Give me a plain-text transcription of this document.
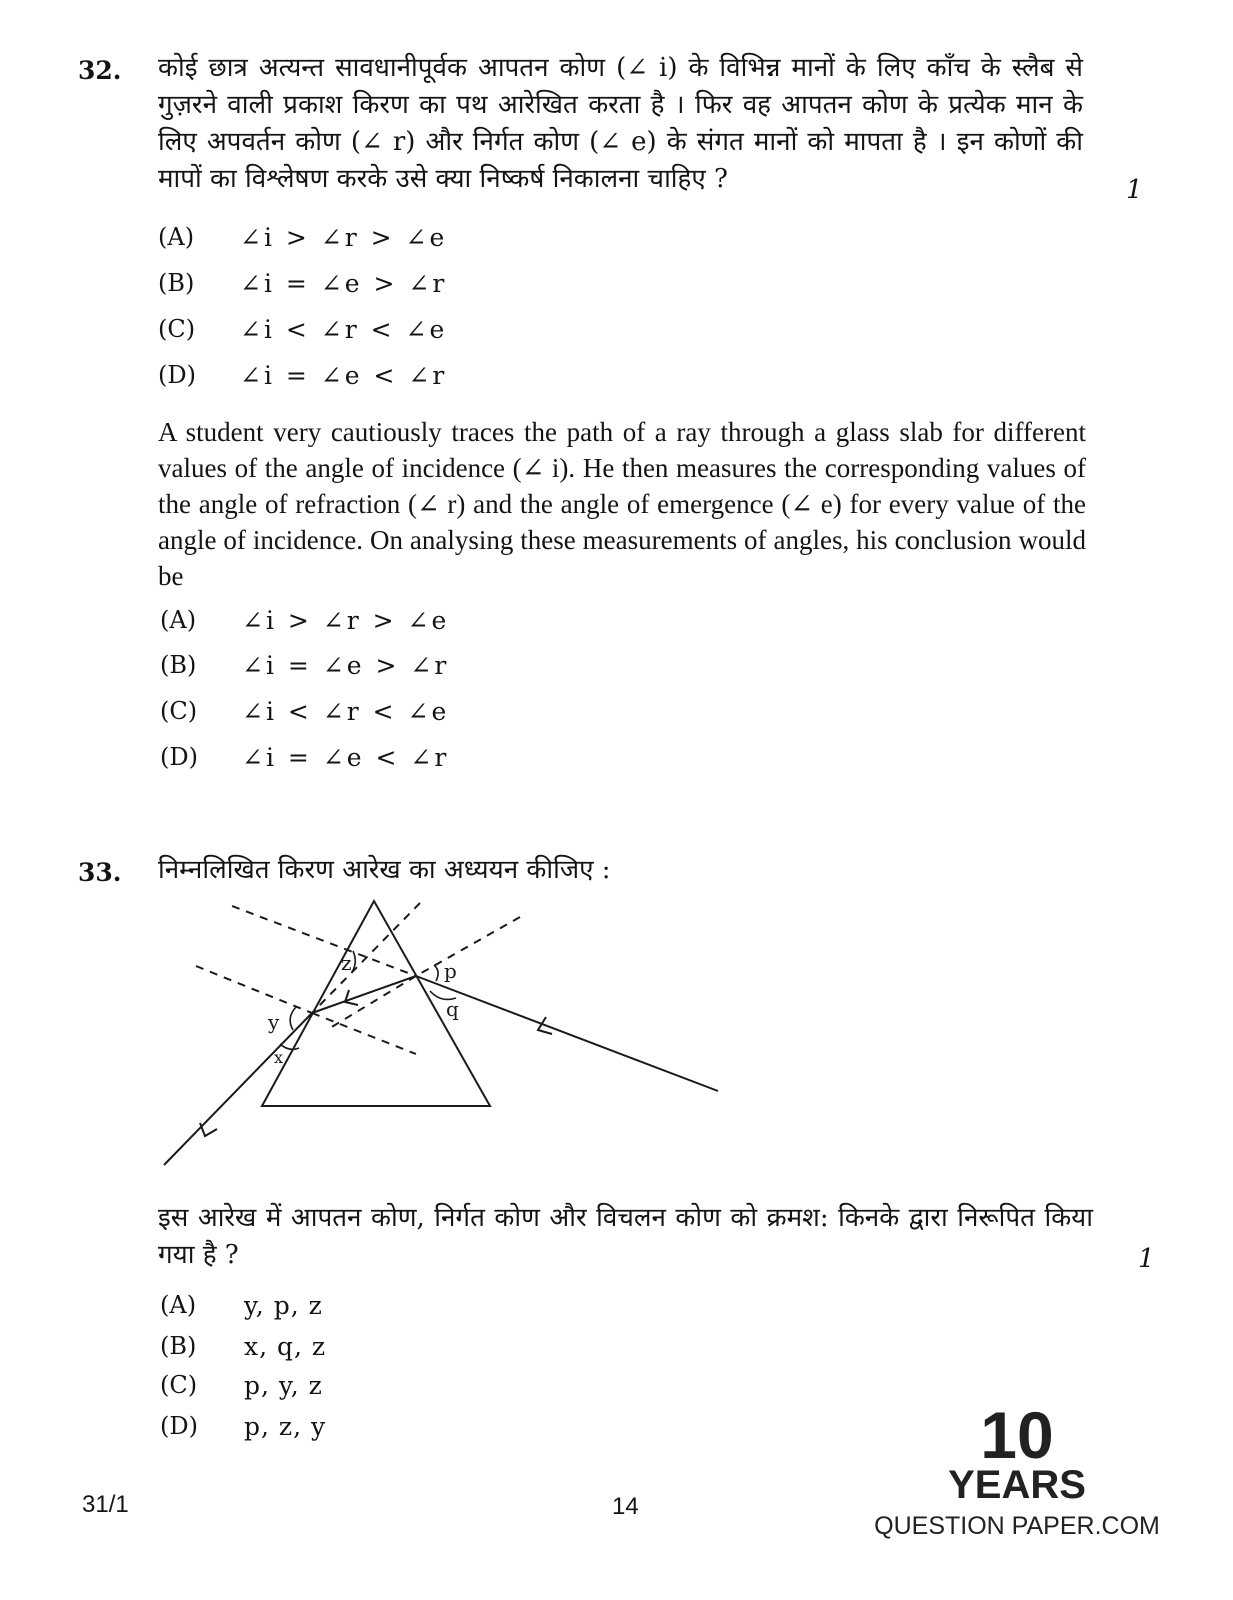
32. कोई छात्र अत्यन्त सावधानीपूर्वक आपतन कोण (∠ i) के विभिन्न मानों के लिए काँच के स्लैब से गुज़रने वाली प्रकाश किरण का पथ आरेखित करता है । फिर वह आपतन कोण के प्रत्येक मान के लिए अपवर्तन कोण (∠ r) और निर्गत कोण (∠ e) के संगत मानों को मापता है । इन कोणों की मापों का विश्लेषण करके उसे क्या निष्कर्ष निकालना चाहिए ?	1
(A) ∠i > ∠r > ∠e
(B) ∠i = ∠e > ∠r
(C) ∠i < ∠r < ∠e
(D) ∠i = ∠e < ∠r
A student very cautiously traces the path of a ray through a glass slab for different values of the angle of incidence (∠ i). He then measures the corresponding values of the angle of refraction (∠ r) and the angle of emergence (∠ e) for every value of the angle of incidence. On analysing these measurements of angles, his conclusion would be
(A) ∠i > ∠r > ∠e
(B) ∠i = ∠e > ∠r
(C) ∠i < ∠r < ∠e
(D) ∠i = ∠e < ∠r
33. निम्नलिखित किरण आरेख का अध्ययन कीजिए :
z	p
q
y
x
इस आरेख में आपतन कोण, निर्गत कोण और विचलन कोण को क्रमश: किनके द्वारा निरूपित किया गया है ?	1
(A) y, p, z
(B) x, q, z
(C) p, y, z
(D) p, z, y
31/1	14
10
YEARS
QUESTION PAPER.COM
